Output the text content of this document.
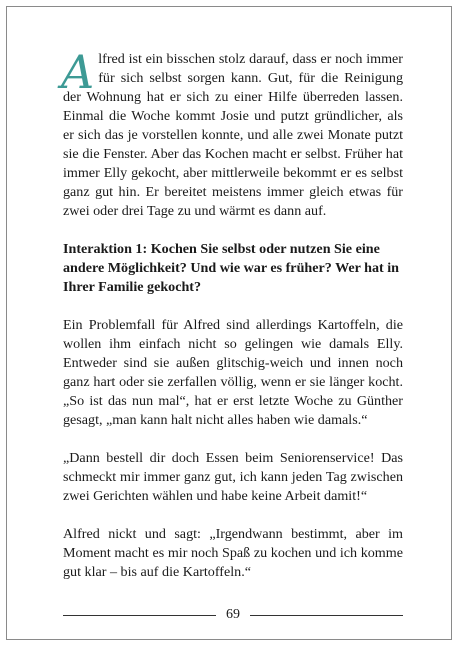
Alfred ist ein bisschen stolz darauf, dass er noch immer für sich selbst sorgen kann. Gut, für die Reinigung der Wohnung hat er sich zu einer Hilfe überreden lassen. Einmal die Woche kommt Josie und putzt gründlicher, als er sich das je vorstellen konnte, und alle zwei Monate putzt sie die Fenster. Aber das Kochen macht er selbst. Früher hat immer Elly gekocht, aber mittlerweile bekommt er es selbst ganz gut hin. Er bereitet meistens immer gleich etwas für zwei oder drei Tage zu und wärmt es dann auf.

Interaktion 1: Kochen Sie selbst oder nutzen Sie eine andere Möglichkeit? Und wie war es früher? Wer hat in Ihrer Familie gekocht?

Ein Problemfall für Alfred sind allerdings Kartoffeln, die wollen ihm einfach nicht so gelingen wie damals Elly. Entweder sind sie außen glitschig-weich und innen noch ganz hart oder sie zerfallen völlig, wenn er sie länger kocht. „So ist das nun mal“, hat er erst letzte Woche zu Günther gesagt, „man kann halt nicht alles haben wie damals.“

„Dann bestell dir doch Essen beim Seniorenservice! Das schmeckt mir immer ganz gut, ich kann jeden Tag zwischen zwei Gerichten wählen und habe keine Arbeit damit!“

Alfred nickt und sagt: „Irgendwann bestimmt, aber im Moment macht es mir noch Spaß zu kochen und ich komme gut klar – bis auf die Kartoffeln.“

69
